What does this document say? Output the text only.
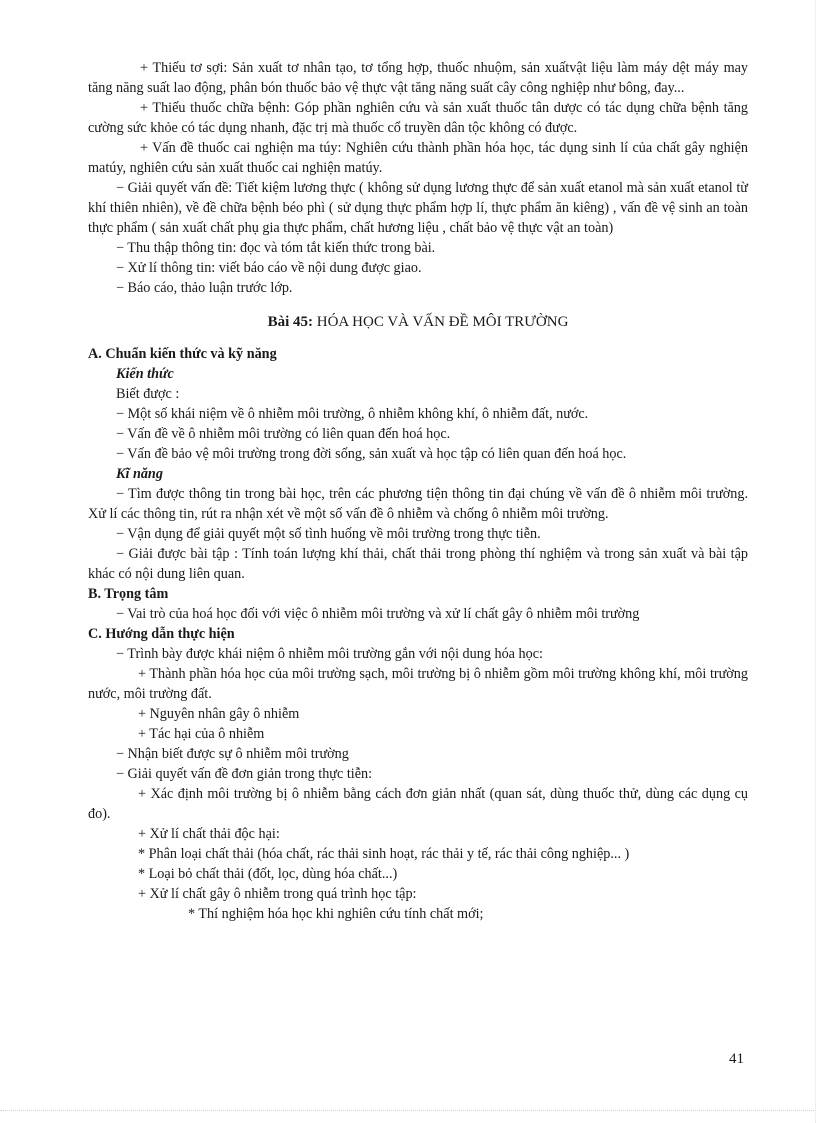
+ Thiếu tơ sợi: Sản xuất tơ nhân tạo, tơ tổng hợp, thuốc nhuộm, sản xuấtvật liệu làm máy dệt máy may tăng năng suất lao động, phân bón thuốc bảo vệ thực vật tăng năng suất cây công nghiệp như bông, đay...

+ Thiếu thuốc chữa bệnh: Góp phần nghiên cứu và sản xuất thuốc tân dược có tác dụng chữa bệnh tăng cường sức khỏe có tác dụng nhanh, đặc trị mà thuốc cổ truyền dân tộc không có được.

+ Vấn đề thuốc cai nghiện ma túy: Nghiên cứu thành phần hóa học, tác dụng sinh lí của chất gây nghiện matúy, nghiên cứu sản xuất thuốc cai nghiện matúy.

− Giải quyết vấn đề: Tiết kiệm lương thực ( không sử dụng lương thực để sản xuất etanol mà sản xuất etanol từ khí thiên nhiên), về đề chữa bệnh béo phì ( sử dụng thực phẩm hợp lí, thực phẩm ăn kiêng) , vấn đề vệ sinh an toàn thực phẩm ( sản xuất chất phụ gia thực phẩm, chất hương liệu , chất bảo vệ thực vật an toàn)

− Thu thập thông tin: đọc và tóm tắt kiến thức trong bài.

− Xử lí thông tin: viết báo cáo về nội dung được giao.

− Báo cáo, thảo luận trước lớp.

Bài 45: HÓA HỌC VÀ VẤN ĐỀ MÔI TRƯỜNG

A. Chuẩn kiến thức và kỹ năng

Kiến thức

Biết được :

− Một số khái niệm về ô nhiễm môi trường, ô nhiễm không khí, ô nhiễm đất, nước.

− Vấn đề về ô nhiễm môi trường có liên quan đến hoá học.

− Vấn đề bảo vệ môi trường trong đời sống, sản xuất và học tập có liên quan đến hoá học.

Kĩ năng

− Tìm được thông tin trong bài học, trên các phương tiện thông tin đại chúng về vấn đề ô nhiễm môi trường. Xử lí các thông tin, rút ra nhận xét về một số vấn đề ô nhiễm và chống ô nhiễm môi trường.

− Vận dụng để giải quyết một số tình huống về môi trường trong thực tiễn.

− Giải được bài tập : Tính toán lượng khí thải, chất thải trong phòng thí nghiệm và trong sản xuất và bài tập khác có nội dung liên quan.

B. Trọng tâm

− Vai trò của hoá học đối với việc ô nhiễm môi trường và xử lí chất gây ô nhiễm môi trường

C. Hướng dẫn thực hiện

− Trình bày được khái niệm ô nhiễm môi trường gắn với nội dung hóa học:

+ Thành phần hóa học của môi trường sạch, môi trường bị ô nhiễm gồm môi trường không khí, môi trường nước, môi trường đất.

+ Nguyên nhân gây ô nhiễm

+ Tác hại của ô nhiễm

− Nhận biết được sự ô nhiễm môi trường

− Giải quyết vấn đề đơn giản trong thực tiễn:

+ Xác định môi trường bị ô nhiễm bằng cách đơn giản nhất (quan sát, dùng thuốc thử, dùng các dụng cụ đo).

+ Xử lí chất thải độc hại:

* Phân loại chất thải (hóa chất, rác thải sinh hoạt, rác thải y tế, rác thải công nghiệp... )

* Loại bỏ chất thải (đốt, lọc, dùng hóa chất...)

+ Xử lí chất gây ô nhiễm trong quá trình học tập:

* Thí nghiệm hóa học khi nghiên cứu tính chất mới;

41
